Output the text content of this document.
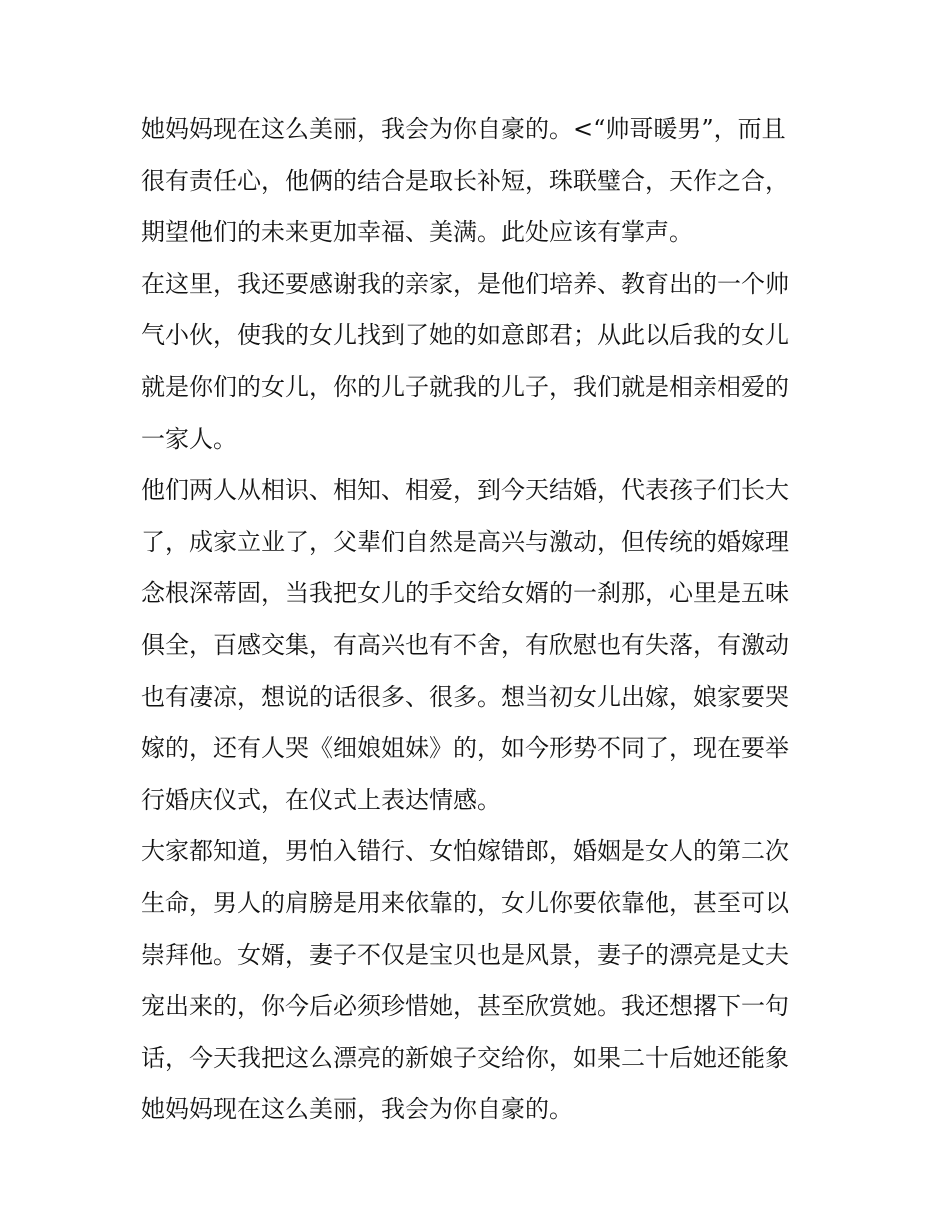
她妈妈现在这么美丽，我会为你自豪的。<“帅哥暖男”，而且
很有责任心，他俩的结合是取长补短，珠联璧合，天作之合，
期望他们的未来更加幸福、美满。此处应该有掌声。
在这里，我还要感谢我的亲家，是他们培养、教育出的一个帅
气小伙，使我的女儿找到了她的如意郎君；从此以后我的女儿
就是你们的女儿，你的儿子就我的儿子，我们就是相亲相爱的
一家人。
他们两人从相识、相知、相爱，到今天结婚，代表孩子们长大
了，成家立业了，父辈们自然是高兴与激动，但传统的婚嫁理
念根深蒂固，当我把女儿的手交给女婿的一刹那，心里是五味
俱全，百感交集，有高兴也有不舍，有欣慰也有失落，有激动
也有凄凉，想说的话很多、很多。想当初女儿出嫁，娘家要哭
嫁的，还有人哭《细娘姐妹》的，如今形势不同了，现在要举
行婚庆仪式，在仪式上表达情感。
大家都知道，男怕入错行、女怕嫁错郎，婚姻是女人的第二次
生命，男人的肩膀是用来依靠的，女儿你要依靠他，甚至可以
崇拜他。女婿，妻子不仅是宝贝也是风景，妻子的漂亮是丈夫
宠出来的，你今后必须珍惜她，甚至欣赏她。我还想撂下一句
话，今天我把这么漂亮的新娘子交给你，如果二十后她还能象
她妈妈现在这么美丽，我会为你自豪的。
